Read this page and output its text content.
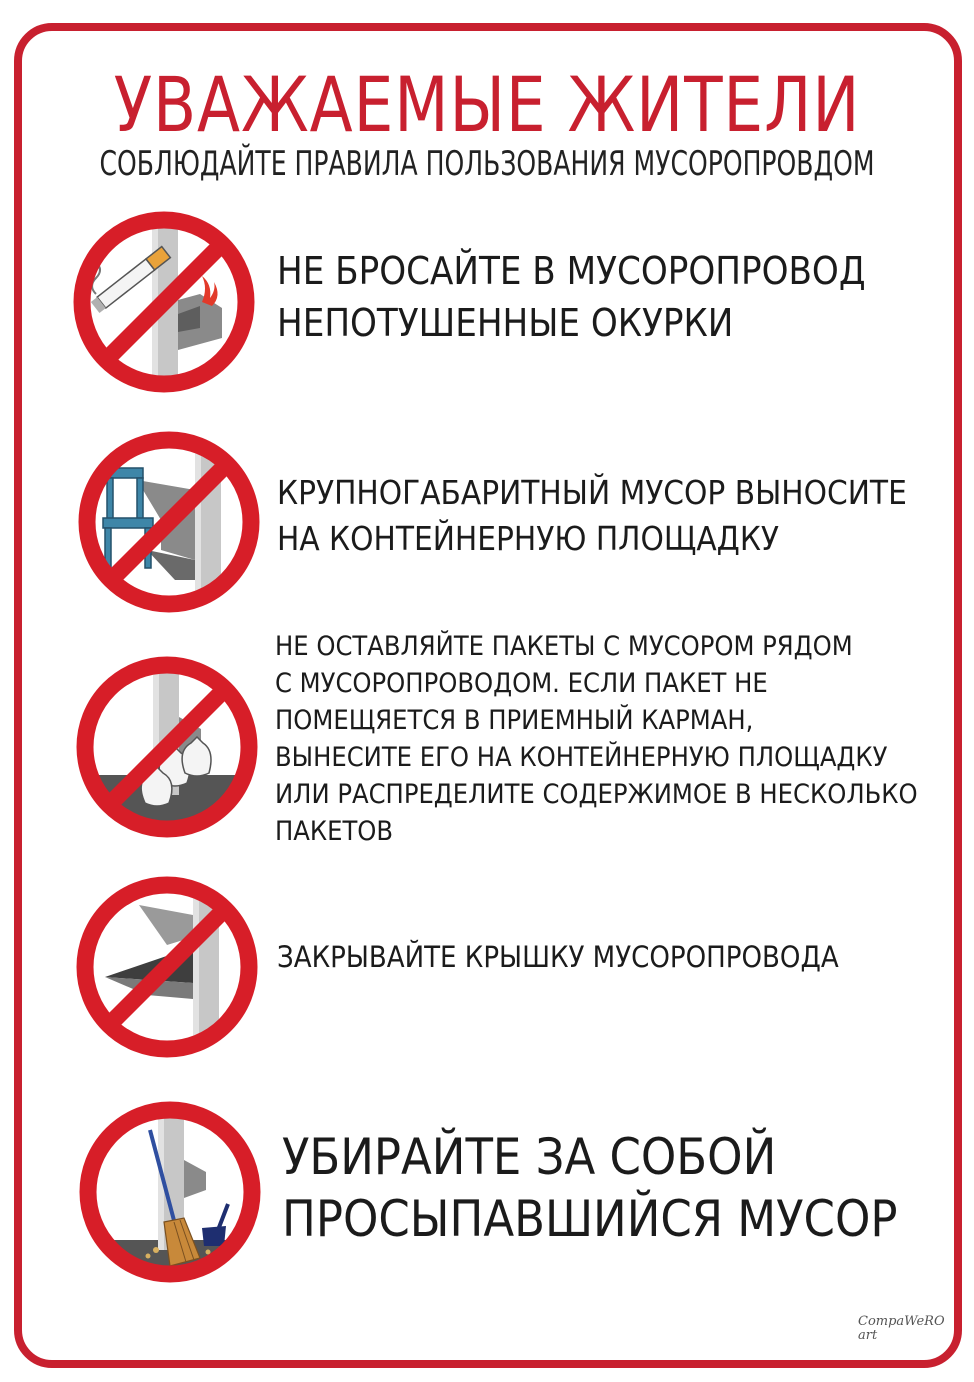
УВАЖАЕМЫЕ ЖИТЕЛИ
СОБЛЮДАЙТЕ ПРАВИЛА ПОЛЬЗОВАНИЯ МУСОРОПРОВДОМ
НЕ БРОСАЙТЕ В МУСОРОПРОВОД
НЕПОТУШЕННЫЕ ОКУРКИ
КРУПНОГАБАРИТНЫЙ МУСОР ВЫНОСИТЕ
НА КОНТЕЙНЕРНУЮ ПЛОЩАДКУ
НЕ ОСТАВЛЯЙТЕ ПАКЕТЫ С МУСОРОМ РЯДОМ
С МУСОРОПРОВОДОМ. ЕСЛИ ПАКЕТ НЕ
ПОМЕЩЯЕТСЯ В ПРИЕМНЫЙ КАРМАН,
ВЫНЕСИТЕ ЕГО НА КОНТЕЙНЕРНУЮ ПЛОЩАДКУ
ИЛИ РАСПРЕДЕЛИТЕ СОДЕРЖИМОЕ В НЕСКОЛЬКО
ПАКЕТОВ
ЗАКРЫВАЙТЕ КРЫШКУ МУСОРОПРОВОДА
УБИРАЙТЕ ЗА СОБОЙ
ПРОСЫПАВШИЙСЯ МУСОР
CompaWeRO art
